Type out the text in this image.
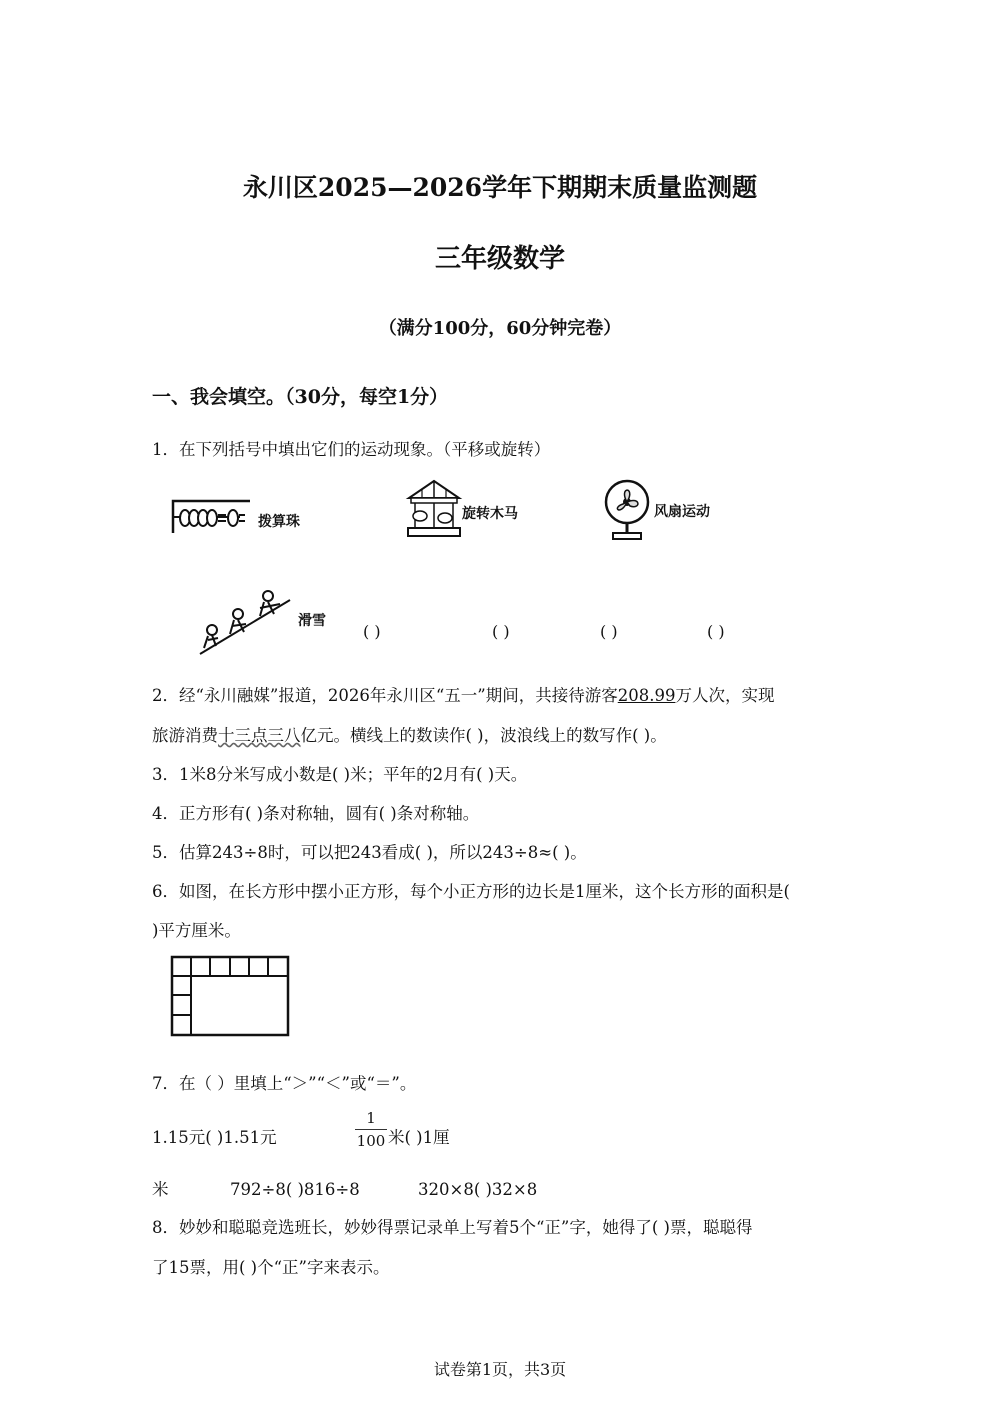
永川区2025—2026学年下期期末质量监测题
三年级数学
（满分100分，60分钟完卷）
一、我会填空。（30分，每空1分）
1．在下列括号中填出它们的运动现象。（平移或旋转）
拨算珠	旋转木马	风扇运动
滑雪
( )	( )	( )	( )
2．经“永川融媒”报道，2026年永川区“五一”期间，共接待游客208.99万人次，实现
旅游消费十三点三八亿元。横线上的数读作( )，波浪线上的数写作( )。
3．1米8分米写成小数是( )米；平年的2月有( )天。
4．正方形有( )条对称轴，圆有( )条对称轴。
5．估算243÷8时，可以把243看成( )，所以243÷8≈( )。
6．如图，在长方形中摆小正方形，每个小正方形的边长是1厘米，这个长方形的面积是(
)平方厘米。
7．在（ ）里填上“＞”“＜”或“＝”。
1.15元( )1.51元
1
100 米( )1厘
米	792÷8( )816÷8	320×8( )32×8
8．妙妙和聪聪竞选班长，妙妙得票记录单上写着5个“正”字，她得了( )票，聪聪得
了15票，用( )个“正”字来表示。
试卷第1页，共3页
